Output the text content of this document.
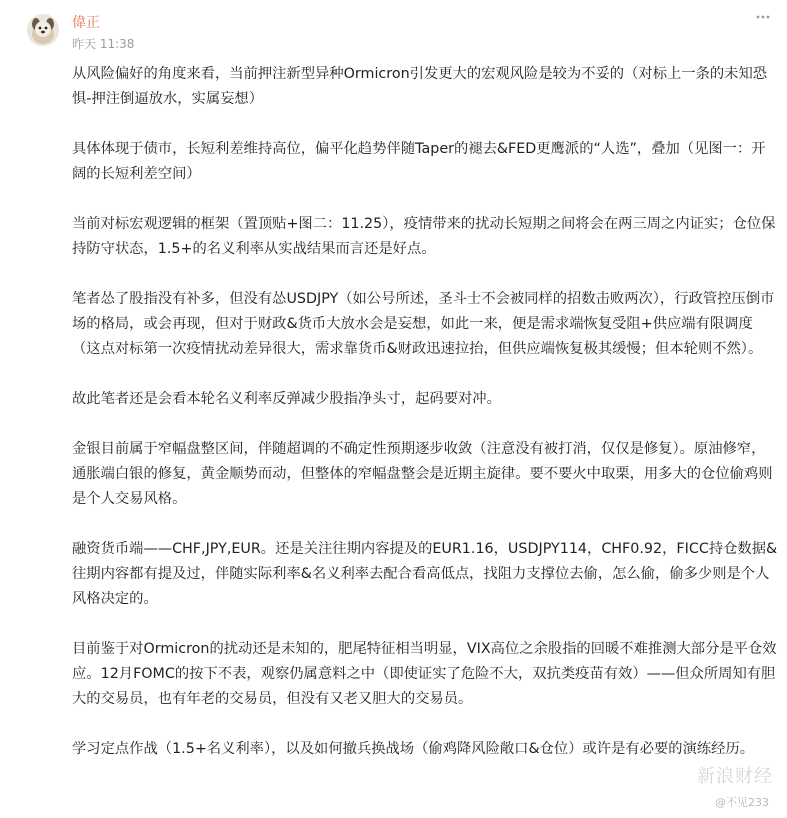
偉正
昨天 11:38

从风险偏好的角度来看，当前押注新型异种Ormicron引发更大的宏观风险是较为不妥的（对标上一条的未知恐惧-押注倒逼放水，实属妄想）

具体体现于债市，长短利差维持高位，偏平化趋势伴随Taper的褪去&FED更鹰派的“人选”，叠加（见图一：开阔的长短利差空间）

当前对标宏观逻辑的框架（置顶贴+图二：11.25），疫情带来的扰动长短期之间将会在两三周之内证实；仓位保持防守状态，1.5+的名义利率从实战结果而言还是好点。

笔者怂了股指没有补多，但没有怂USDJPY（如公号所述，圣斗士不会被同样的招数击败两次），行政管控压倒市场的格局，或会再现，但对于财政&货币大放水会是妄想，如此一来，便是需求端恢复受阻+供应端有限调度（这点对标第一次疫情扰动差异很大，需求靠货币&财政迅速拉抬，但供应端恢复极其缓慢；但本轮则不然）。

故此笔者还是会看本轮名义利率反弹减少股指净头寸，起码要对冲。

金银目前属于窄幅盘整区间，伴随超调的不确定性预期逐步收敛（注意没有被打消，仅仅是修复）。原油修窄，通胀端白银的修复，黄金顺势而动，但整体的窄幅盘整会是近期主旋律。要不要火中取栗，用多大的仓位偷鸡则是个人交易风格。

融资货币端——CHF,JPY,EUR。还是关注往期内容提及的EUR1.16，USDJPY114，CHF0.92，FICC持仓数据&往期内容都有提及过，伴随实际利率&名义利率去配合看高低点，找阻力支撑位去偷，怎么偷，偷多少则是个人风格决定的。

目前鉴于对Ormicron的扰动还是未知的，肥尾特征相当明显，VIX高位之余股指的回暖不难推测大部分是平仓效应。12月FOMC的按下不表，观察仍属意料之中（即使证实了危险不大，双抗类疫苗有效）——但众所周知有胆大的交易员，也有年老的交易员，但没有又老又胆大的交易员。

学习定点作战（1.5+名义利率），以及如何撤兵换战场（偷鸡降风险敞口&仓位）或许是有必要的演练经历。

新浪财经
@不见233
